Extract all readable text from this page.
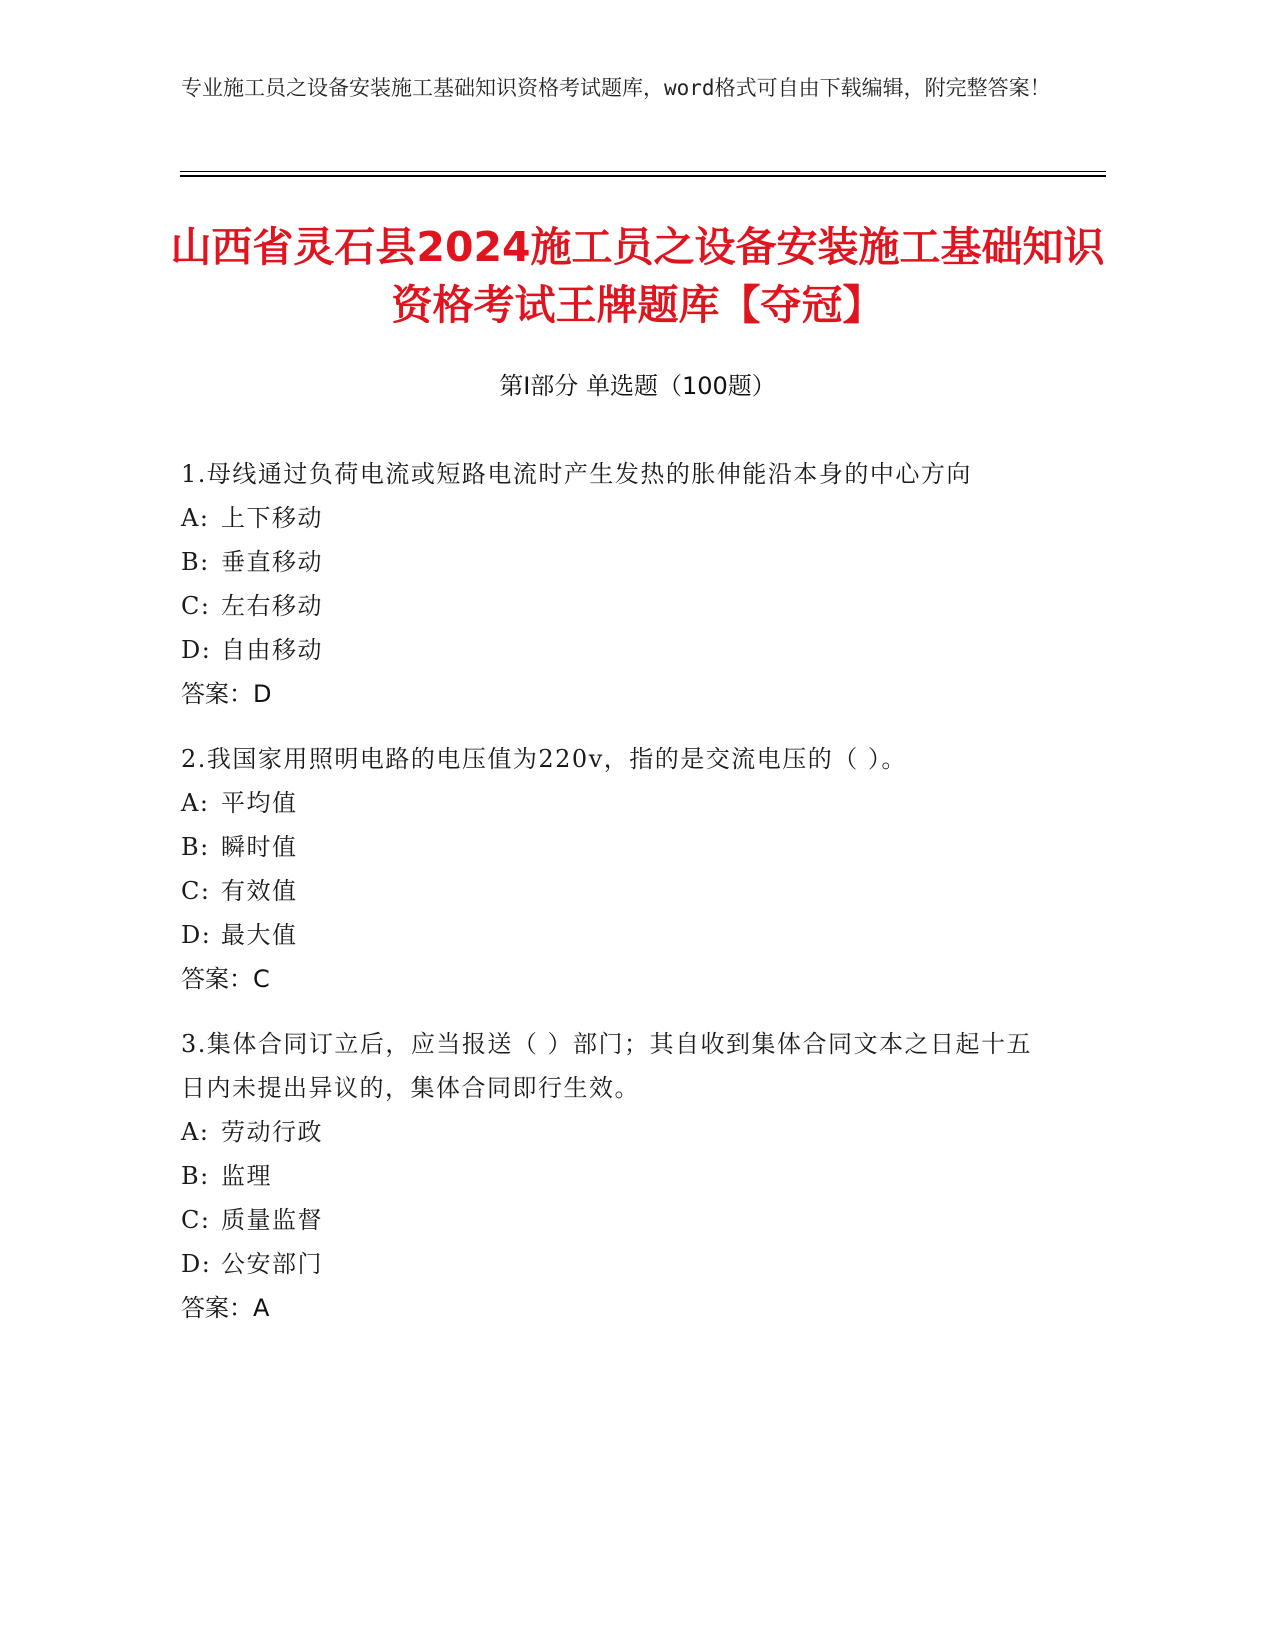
专业施工员之设备安装施工基础知识资格考试题库，word格式可自由下载编辑，附完整答案！
山西省灵石县2024施工员之设备安装施工基础知识资格考试王牌题库【夺冠】
第Ⅰ部分 单选题（100题）
1.母线通过负荷电流或短路电流时产生发热的胀伸能沿本身的中心方向
A: 上下移动
B: 垂直移动
C: 左右移动
D: 自由移动
答案：D
2.我国家用照明电路的电压值为220v，指的是交流电压的（ ）。
A: 平均值
B: 瞬时值
C: 有效值
D: 最大值
答案：C
3.集体合同订立后，应当报送（ ）部门；其自收到集体合同文本之日起十五日内未提出异议的，集体合同即行生效。
A: 劳动行政
B: 监理
C: 质量监督
D: 公安部门
答案：A
